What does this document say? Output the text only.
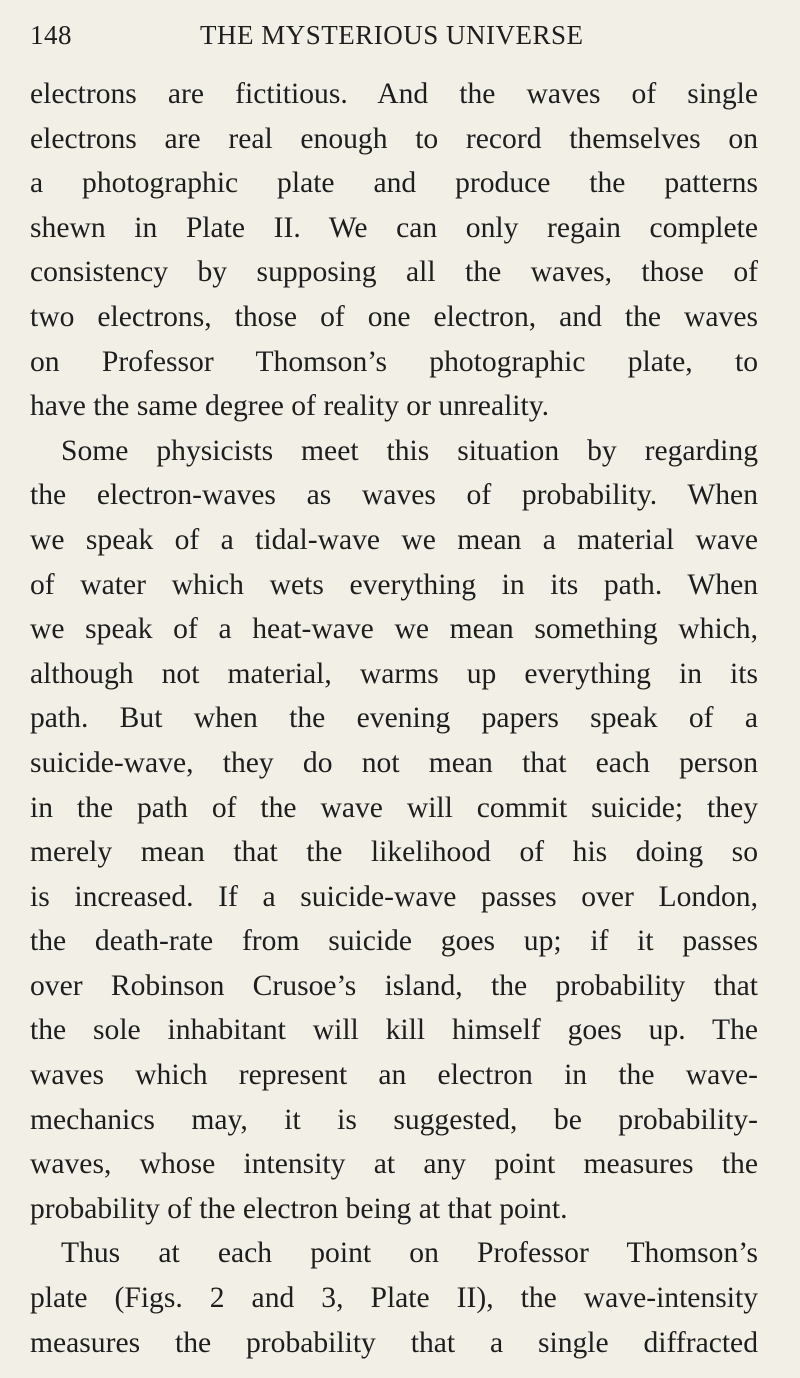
148	THE MYSTERIOUS UNIVERSE
electrons are fictitious. And the waves of single
electrons are real enough to record themselves on
a photographic plate and produce the patterns
shewn in Plate II. We can only regain complete
consistency by supposing all the waves, those of
two electrons, those of one electron, and the waves
on Professor Thomson’s photographic plate, to
have the same degree of reality or unreality.
Some physicists meet this situation by regarding
the electron-waves as waves of probability. When
we speak of a tidal-wave we mean a material wave
of water which wets everything in its path. When
we speak of a heat-wave we mean something which,
although not material, warms up everything in its
path. But when the evening papers speak of a
suicide-wave, they do not mean that each person
in the path of the wave will commit suicide; they
merely mean that the likelihood of his doing so
is increased. If a suicide-wave passes over London,
the death-rate from suicide goes up; if it passes
over Robinson Crusoe’s island, the probability that
the sole inhabitant will kill himself goes up. The
waves which represent an electron in the wave-
mechanics may, it is suggested, be probability-
waves, whose intensity at any point measures the
probability of the electron being at that point.
Thus at each point on Professor Thomson’s
plate (Figs. 2 and 3, Plate II), the wave-intensity
measures the probability that a single diffracted
